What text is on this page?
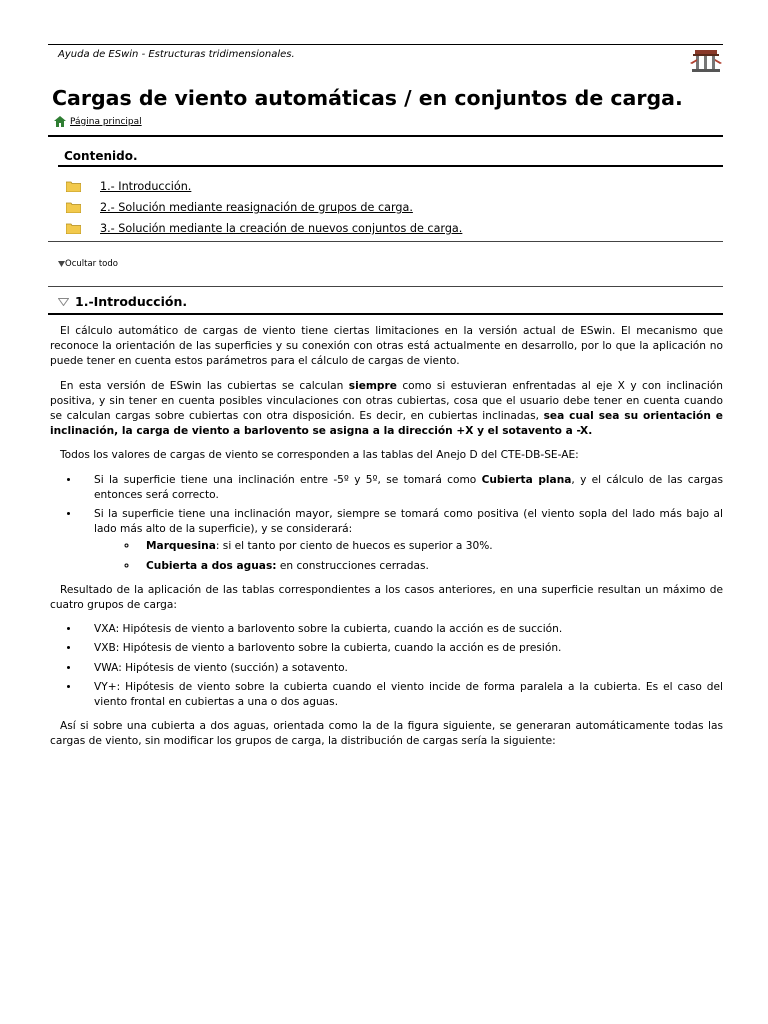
Ayuda de ESwin - Estructuras tridimensionales.
Cargas de viento automáticas / en conjuntos de carga.
Página principal
Contenido.
1.- Introducción.
2.- Solución mediante reasignación de grupos de carga.
3.- Solución mediante la creación de nuevos conjuntos de carga.
Ocultar todo
1.-Introducción.

El cálculo automático de cargas de viento tiene ciertas limitaciones en la versión actual de ESwin. El mecanismo que reconoce la orientación de las superficies y su conexión con otras está actualmente en desarrollo, por lo que la aplicación no puede tener en cuenta estos parámetros para el cálculo de cargas de viento.

En esta versión de ESwin las cubiertas se calculan siempre como si estuvieran enfrentadas al eje X y con inclinación positiva, y sin tener en cuenta posibles vinculaciones con otras cubiertas, cosa que el usuario debe tener en cuenta cuando se calculan cargas sobre cubiertas con otra disposición. Es decir, en cubiertas inclinadas, sea cual sea su orientación e inclinación, la carga de viento a barlovento se asigna a la dirección +X y el sotavento a -X.

Todos los valores de cargas de viento se corresponden a las tablas del Anejo D del CTE-DB-SE-AE:

• Si la superficie tiene una inclinación entre -5º y 5º, se tomará como Cubierta plana, y el cálculo de las cargas entonces será correcto.
• Si la superficie tiene una inclinación mayor, siempre se tomará como positiva (el viento sopla del lado más bajo al lado más alto de la superficie), y se considerará:
◦ Marquesina: si el tanto por ciento de huecos es superior a 30%.
◦ Cubierta a dos aguas: en construcciones cerradas.

Resultado de la aplicación de las tablas correspondientes a los casos anteriores, en una superficie resultan un máximo de cuatro grupos de carga:

• VXA: Hipótesis de viento a barlovento sobre la cubierta, cuando la acción es de succión.
• VXB: Hipótesis de viento a barlovento sobre la cubierta, cuando la acción es de presión.
• VWA: Hipótesis de viento (succión) a sotavento.
• VY+: Hipótesis de viento sobre la cubierta cuando el viento incide de forma paralela a la cubierta. Es el caso del viento frontal en cubiertas a una o dos aguas.

Así si sobre una cubierta a dos aguas, orientada como la de la figura siguiente, se generaran automáticamente todas las cargas de viento, sin modificar los grupos de carga, la distribución de cargas sería la siguiente:
